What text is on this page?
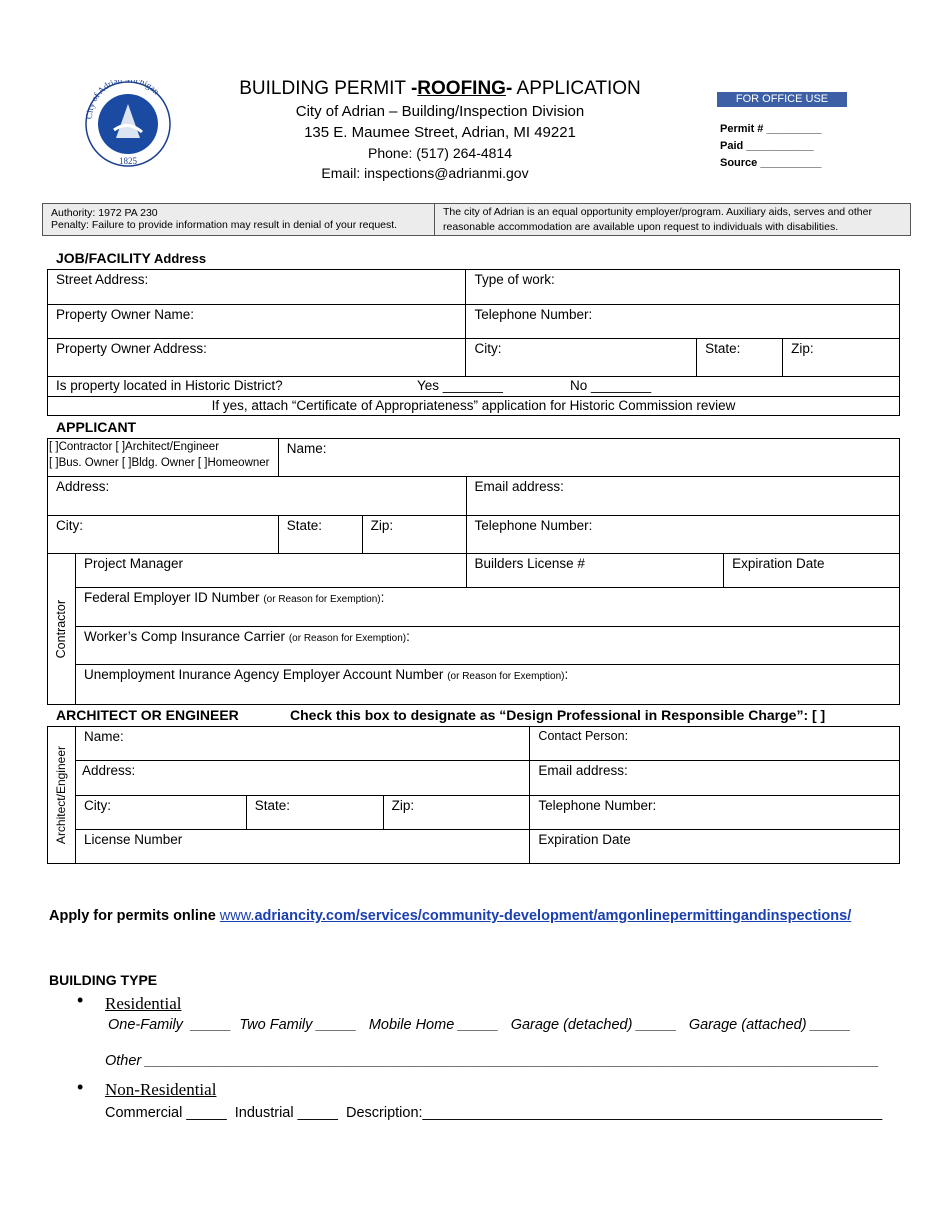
1825
City of Adrian chigan	BUILDING PERMIT -ROOFING- APPLICATION
City of Adrian – Building/Inspection Division
135 E. Maumee Street, Adrian, MI 49221
Phone: (517) 264-4814
Email: inspections@adrianmi.gov
FOR OFFICE USE
Permit # _________
Paid ___________
Source __________
Authority: 1972 PA 230
Penalty: Failure to provide information may result in denial of your request.
The city of Adrian is an equal opportunity employer/program. Auxiliary aids, serves and other
reasonable accommodation are available upon request to individuals with disabilities.
JOB/FACILITY Address
Street Address:	Type of work:		
Property Owner Name:	Telephone Number:		
Property Owner Address:	City:	State:	Zip:
Is property located in Historic District? Yes ________ No ________			
If yes, attach “Certificate of Appropriateness” application for Historic Commission review			
APPLICANT
[ ]Contractor [ ]Architect/Engineer
[ ]Bus. Owner [ ]Bldg. Owner [ ]Homeowner		Name:			
Address:				Email address:	
City:		State:	Zip:	Telephone Number:	

Contractor	Project Manager			Builders License #	Expiration Date
	Federal Employer ID Number (or Reason for Exemption):				
	Worker’s Comp Insurance Carrier (or Reason for Exemption):				
	Unemployment Inurance Agency Employer Account Number (or Reason for Exemption):				
ARCHITECT OR ENGINEER	Check this box to designate as “Design Professional in Responsible Charge”: [ ]
Architect/Engineer	Name:			Contact Person:
	Address:			Email address:
	City:	State:	Zip:	Telephone Number:
	License Number			Expiration Date
Apply for permits online www.adriancity.com/services/community-development/amgonlinepermittingandinspections/
BUILDING TYPE
• Residential
One-Family  _____  Two Family _____   Mobile Home _____   Garage (detached) _____   Garage (attached) _____
Other ___________________________________________________________________________________________
• Non-Residential
Commercial _____  Industrial _____  Description:_________________________________________________________
